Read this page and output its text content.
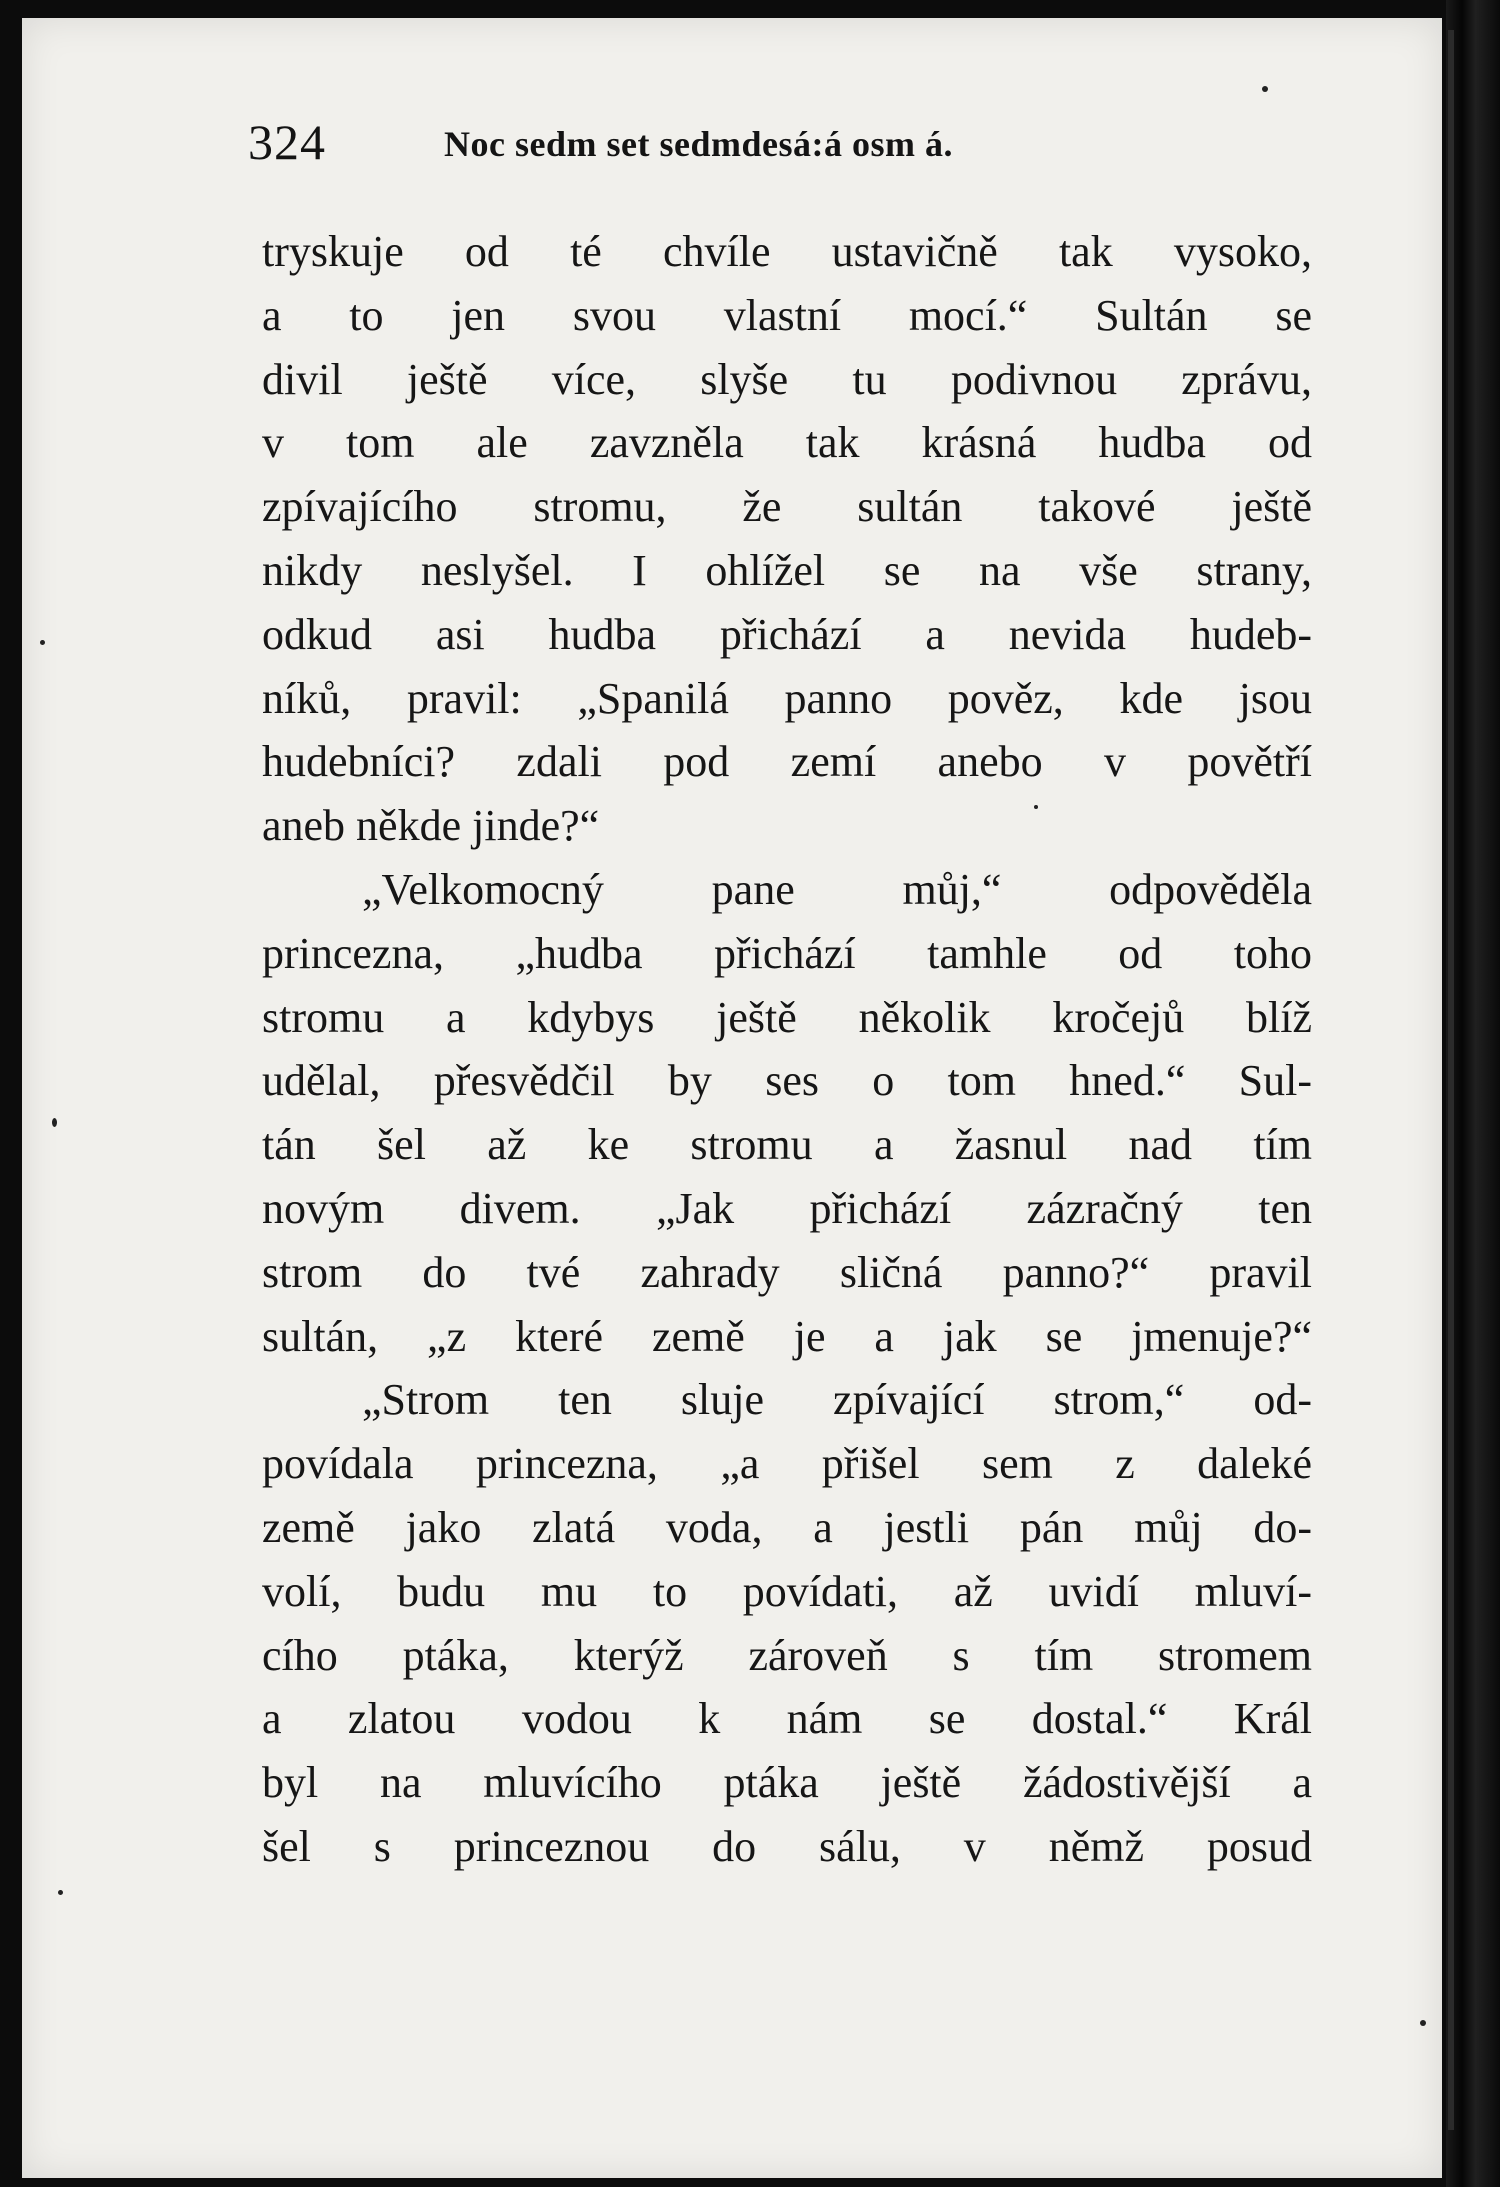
324	Noc sedm set sedmdesá:á osm á.
tryskuje od té chvíle ustavičně tak vysoko,
a to jen svou vlastní mocí.“ Sultán se
divil ještě více, slyše tu podivnou zprávu,
v tom ale zavzněla tak krásná hudba od
zpívajícího stromu, že sultán takové ještě
nikdy neslyšel. I ohlížel se na vše strany,
odkud asi hudba přichází a nevida hudeb-
níků, pravil: „Spanilá panno pověz, kde jsou
hudebníci? zdali pod zemí anebo v povětří
aneb někde jinde?“
„Velkomocný pane můj,“ odpověděla
princezna, „hudba přichází tamhle od toho
stromu a kdybys ještě několik kročejů blíž
udělal, přesvědčil by ses o tom hned.“ Sul-
tán šel až ke stromu a žasnul nad tím
novým divem. „Jak přichází zázračný ten
strom do tvé zahrady sličná panno?“ pravil
sultán, „z které země je a jak se jmenuje?“
„Strom ten sluje zpívající strom,“ od-
povídala princezna, „a přišel sem z daleké
země jako zlatá voda, a jestli pán můj do-
volí, budu mu to povídati, až uvidí mluví-
cího ptáka, kterýž zároveň s tím stromem
a zlatou vodou k nám se dostal.“ Král
byl na mluvícího ptáka ještě žádostivější a
šel s princeznou do sálu, v němž posud
